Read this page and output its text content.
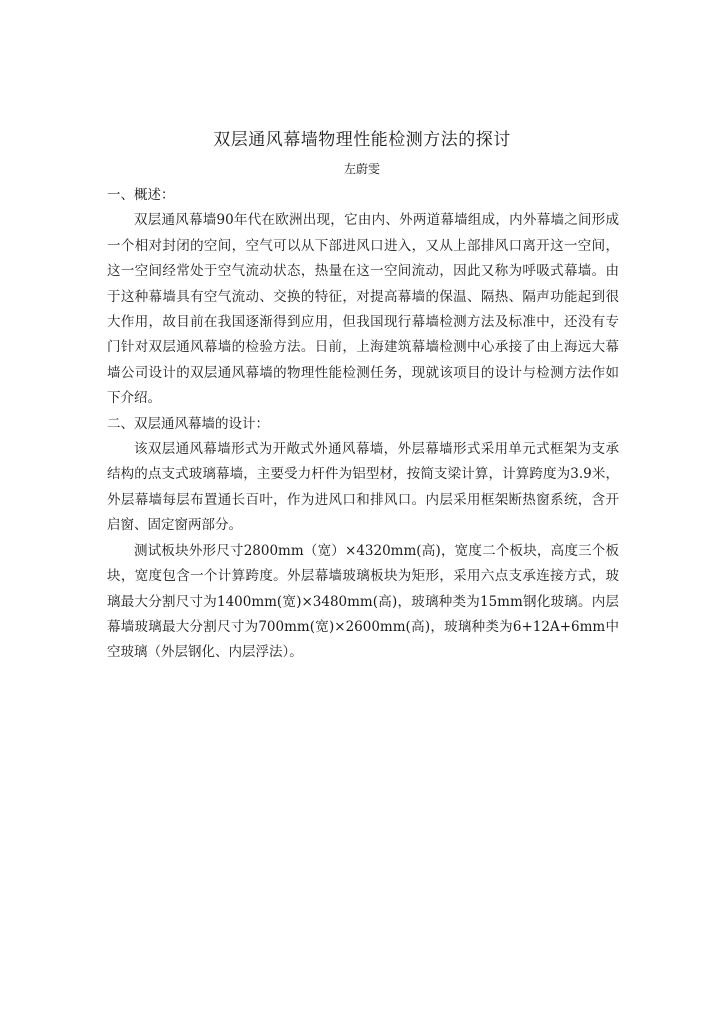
双层通风幕墙物理性能检测方法的探讨
左蔚雯

一、概述：

双层通风幕墙90年代在欧洲出现，它由内、外两道幕墙组成，内外幕墙之间形成一个相对封闭的空间，空气可以从下部进风口进入，又从上部排风口离开这一空间，这一空间经常处于空气流动状态，热量在这一空间流动，因此又称为呼吸式幕墙。由于这种幕墙具有空气流动、交换的特征，对提高幕墙的保温、隔热、隔声功能起到很大作用，故目前在我国逐渐得到应用，但我国现行幕墙检测方法及标准中，还没有专门针对双层通风幕墙的检验方法。日前，上海建筑幕墙检测中心承接了由上海远大幕墙公司设计的双层通风幕墙的物理性能检测任务，现就该项目的设计与检测方法作如下介绍。

二、双层通风幕墙的设计：

该双层通风幕墙形式为开敞式外通风幕墙，外层幕墙形式采用单元式框架为支承结构的点支式玻璃幕墙，主要受力杆件为铝型材，按简支梁计算，计算跨度为3.9米，外层幕墙每层布置通长百叶，作为进风口和排风口。内层采用框架断热窗系统，含开启窗、固定窗两部分。

测试板块外形尺寸2800mm（宽）×4320mm(高)，宽度二个板块，高度三个板块，宽度包含一个计算跨度。外层幕墙玻璃板块为矩形，采用六点支承连接方式，玻璃最大分割尺寸为1400mm(宽)×3480mm(高)，玻璃种类为15mm钢化玻璃。内层幕墙玻璃最大分割尺寸为700mm(宽)×2600mm(高)，玻璃种类为6+12A+6mm中空玻璃（外层钢化、内层浮法）。
